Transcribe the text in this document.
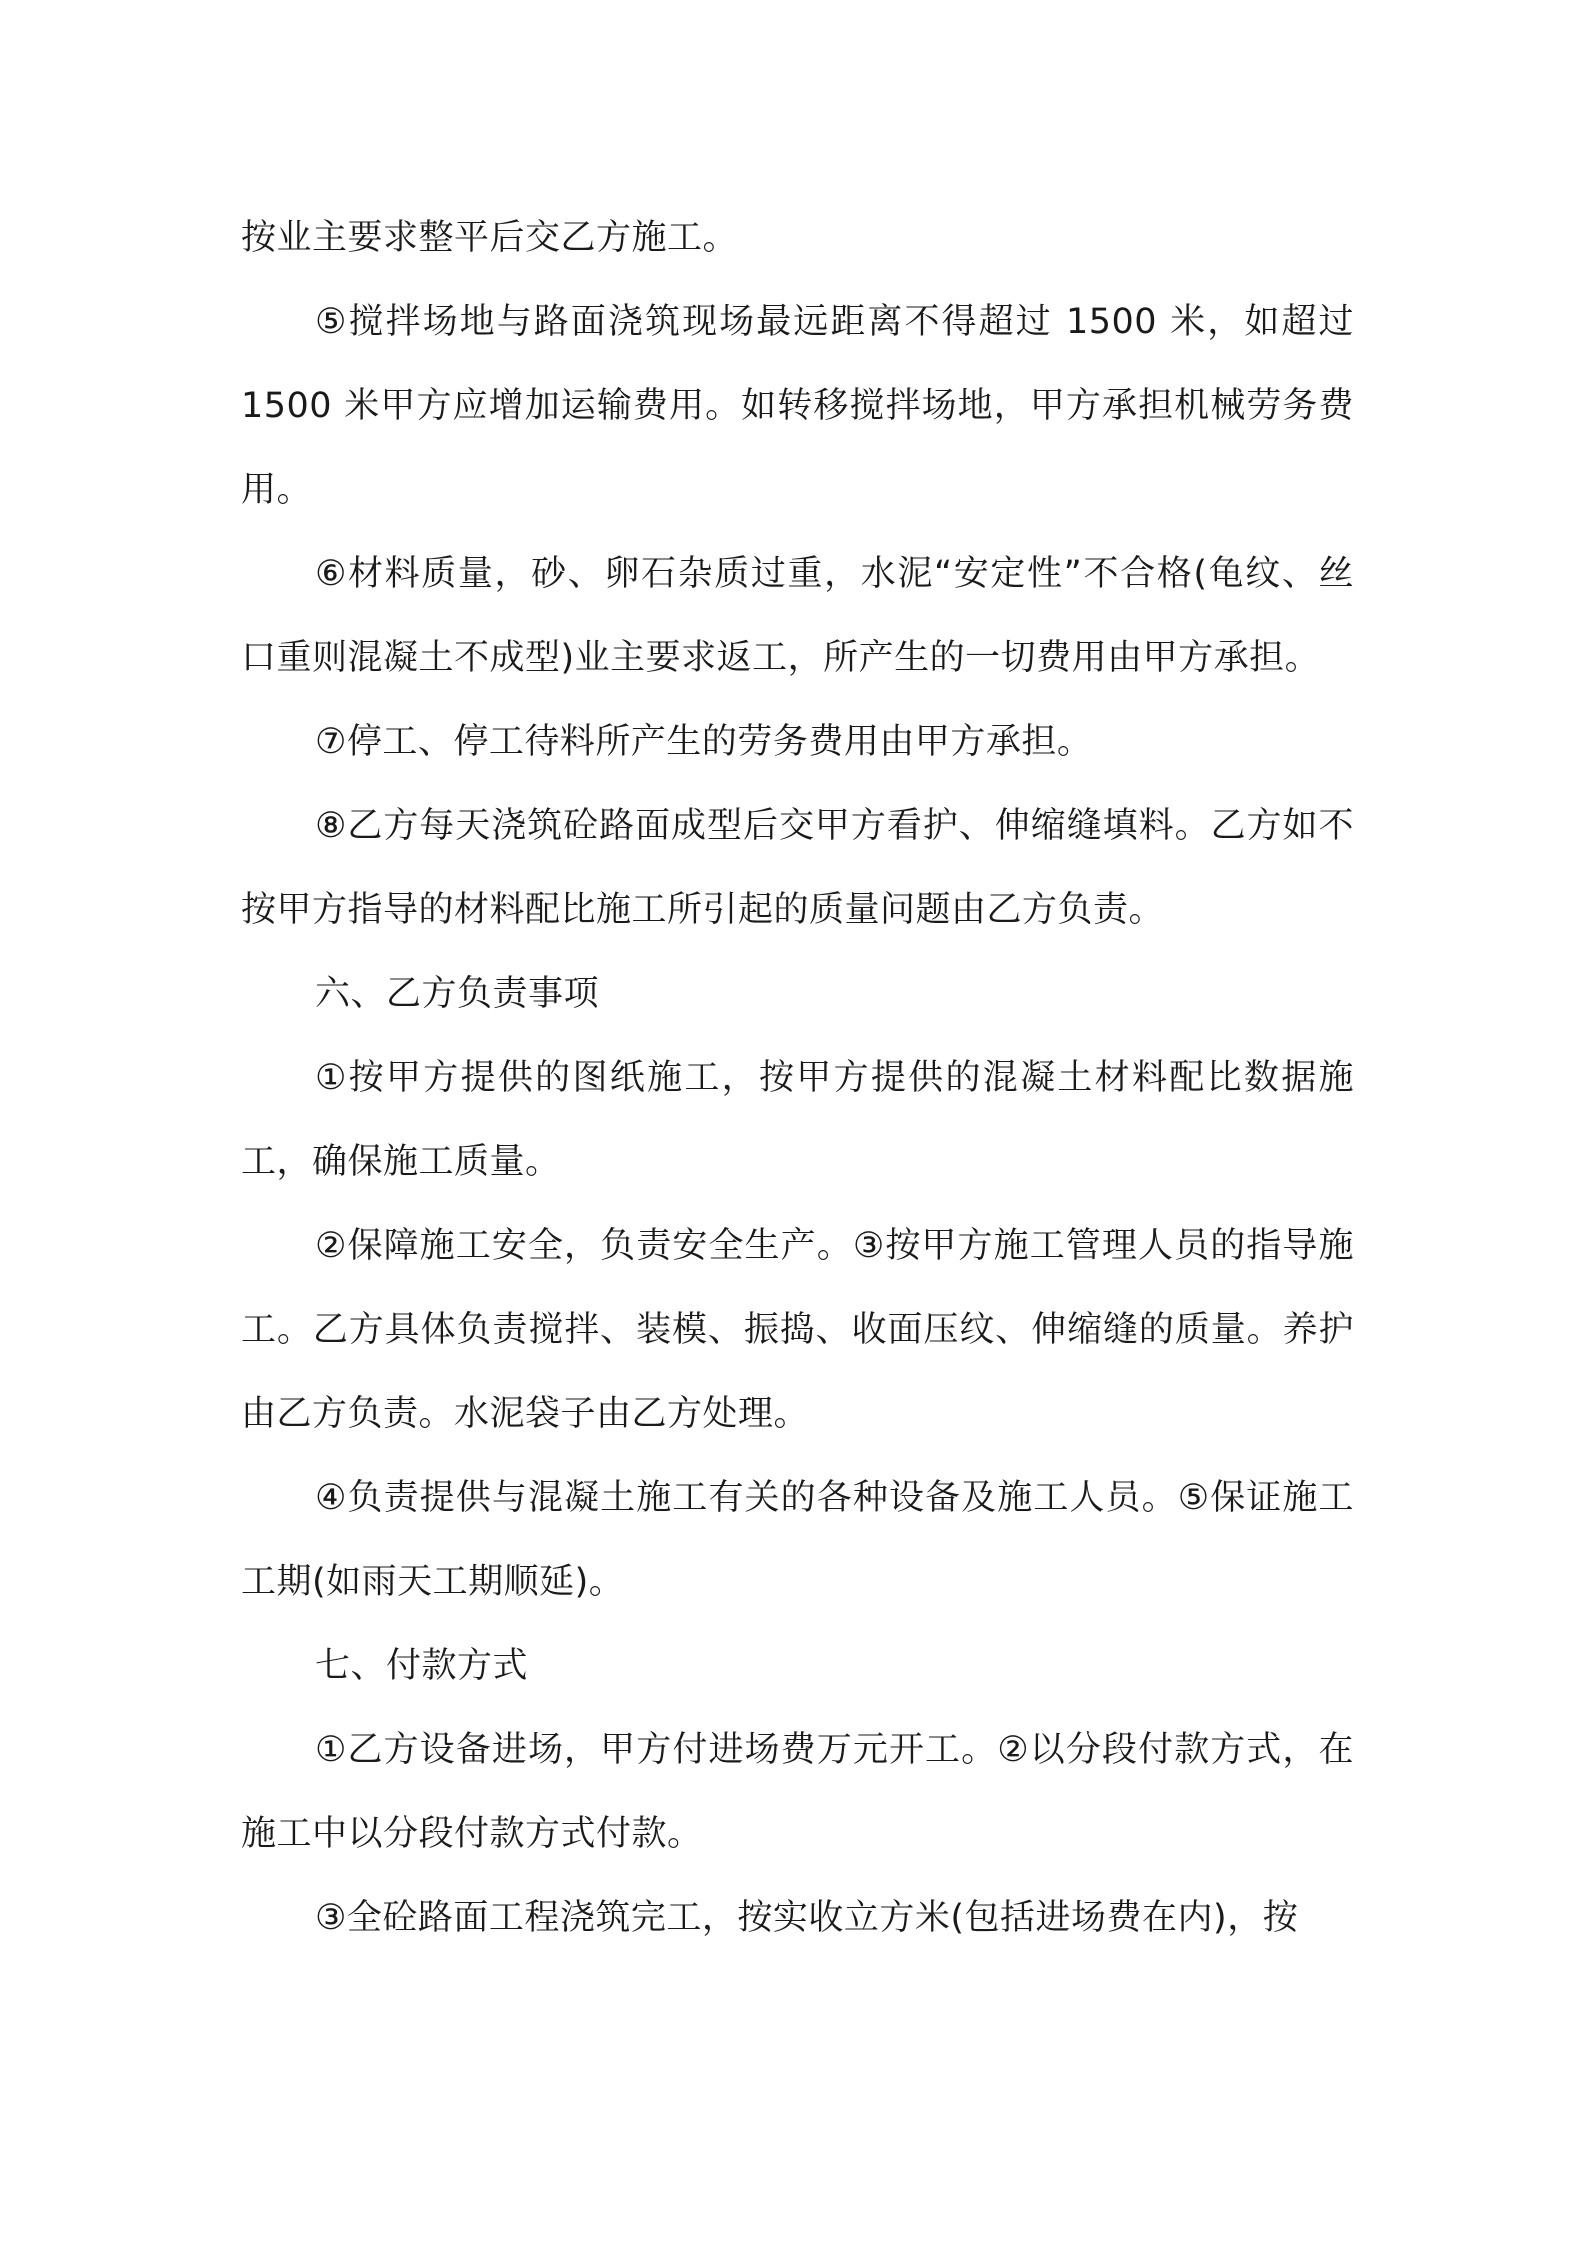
按业主要求整平后交乙方施工。

⑤搅拌场地与路面浇筑现场最远距离不得超过 1500 米，如超过 1500 米甲方应增加运输费用。如转移搅拌场地，甲方承担机械劳务费用。

⑥材料质量，砂、卵石杂质过重，水泥“安定性”不合格(龟纹、丝口重则混凝土不成型)业主要求返工，所产生的一切费用由甲方承担。

⑦停工、停工待料所产生的劳务费用由甲方承担。

⑧乙方每天浇筑砼路面成型后交甲方看护、伸缩缝填料。乙方如不按甲方指导的材料配比施工所引起的质量问题由乙方负责。

六、乙方负责事项

①按甲方提供的图纸施工，按甲方提供的混凝土材料配比数据施工，确保施工质量。

②保障施工安全，负责安全生产。③按甲方施工管理人员的指导施工。乙方具体负责搅拌、装模、振捣、收面压纹、伸缩缝的质量。养护由乙方负责。水泥袋子由乙方处理。

④负责提供与混凝土施工有关的各种设备及施工人员。⑤保证施工工期(如雨天工期顺延)。

七、付款方式

①乙方设备进场，甲方付进场费万元开工。②以分段付款方式，在施工中以分段付款方式付款。

③全砼路面工程浇筑完工，按实收立方米(包括进场费在内)，按
